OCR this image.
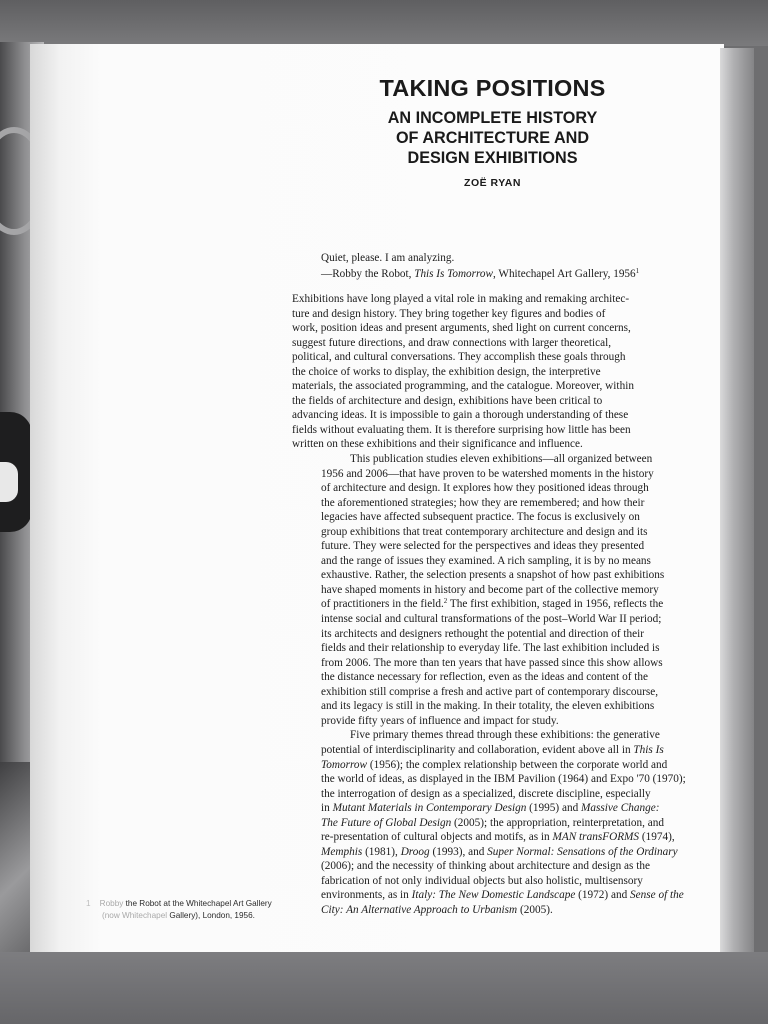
TAKING POSITIONS
AN INCOMPLETE HISTORY
OF ARCHITECTURE AND
DESIGN EXHIBITIONS
ZOË RYAN
Quiet, please. I am analyzing.
—Robby the Robot, This Is Tomorrow, Whitechapel Art Gallery, 1956$^1$

Exhibitions have long played a vital role in making and remaking architec-
ture and design history. They bring together key figures and bodies of
work, position ideas and present arguments, shed light on current concerns,
suggest future directions, and draw connections with larger theoretical,
political, and cultural conversations. They accomplish these goals through
the choice of works to display, the exhibition design, the interpretive
materials, the associated programming, and the catalogue. Moreover, within
the fields of architecture and design, exhibitions have been critical to
advancing ideas. It is impossible to gain a thorough understanding of these
fields without evaluating them. It is therefore surprising how little has been
written on these exhibitions and their significance and influence.

This publication studies eleven exhibitions—all organized between
1956 and 2006—that have proven to be watershed moments in the history
of architecture and design. It explores how they positioned ideas through
the aforementioned strategies; how they are remembered; and how their
legacies have affected subsequent practice. The focus is exclusively on
group exhibitions that treat contemporary architecture and design and its
future. They were selected for the perspectives and ideas they presented
and the range of issues they examined. A rich sampling, it is by no means
exhaustive. Rather, the selection presents a snapshot of how past exhibitions
have shaped moments in history and become part of the collective memory
of practitioners in the field.$^2$ The first exhibition, staged in 1956, reflects the
intense social and cultural transformations of the post–World War II period;
its architects and designers rethought the potential and direction of their
fields and their relationship to everyday life. The last exhibition included is
from 2006. The more than ten years that have passed since this show allows
the distance necessary for reflection, even as the ideas and content of the
exhibition still comprise a fresh and active part of contemporary discourse,
and its legacy is still in the making. In their totality, the eleven exhibitions
provide fifty years of influence and impact for study.

Five primary themes thread through these exhibitions: the generative
potential of interdisciplinarity and collaboration, evident above all in This Is
Tomorrow (1956); the complex relationship between the corporate world and
the world of ideas, as displayed in the IBM Pavilion (1964) and Expo '70 (1970);
the interrogation of design as a specialized, discrete discipline, especially
in Mutant Materials in Contemporary Design (1995) and Massive Change:
The Future of Global Design (2005); the appropriation, reinterpretation, and
re-presentation of cultural objects and motifs, as in MAN transFORMS (1974),
Memphis (1981), Droog (1993), and Super Normal: Sensations of the Ordinary
(2006); and the necessity of thinking about architecture and design as the
fabrication of not only individual objects but also holistic, multisensory
environments, as in Italy: The New Domestic Landscape (1972) and Sense of the
City: An Alternative Approach to Urbanism (2005).

1 Robby the Robot at the Whitechapel Art Gallery
(now Whitechapel Gallery), London, 1956.
